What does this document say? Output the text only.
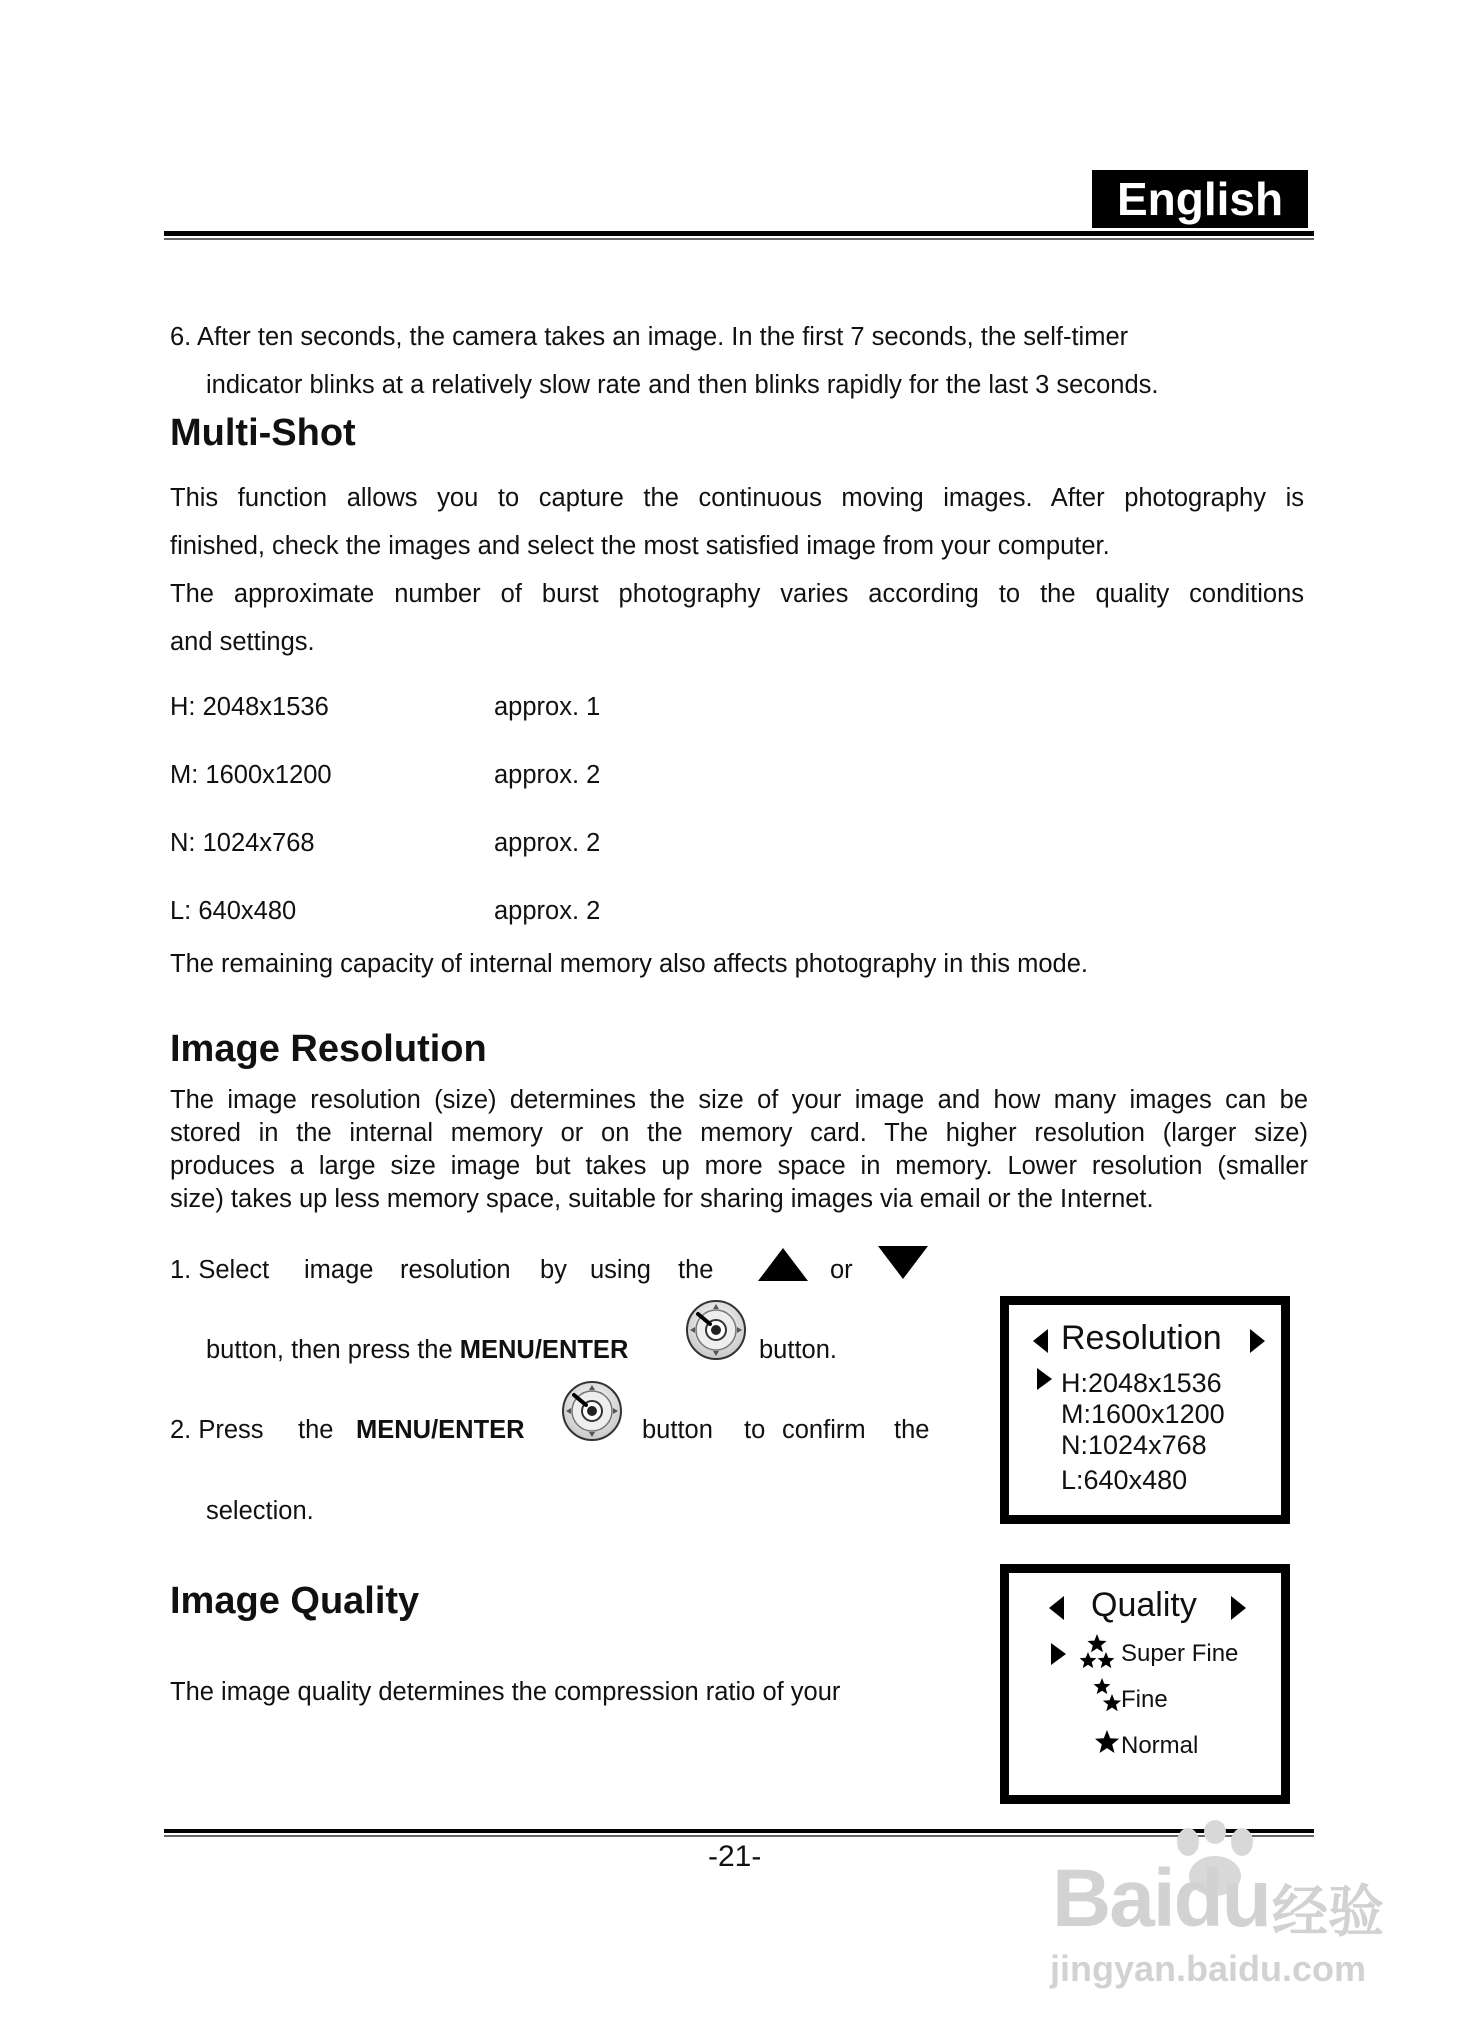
English
6. After ten seconds, the camera takes an image. In the first 7 seconds, the self-timer
indicator blinks at a relatively slow rate and then blinks rapidly for the last 3 seconds.
Multi-Shot
This function allows you to capture the continuous moving images. After photography is
finished, check the images and select the most satisfied image from your computer.
The approximate number of burst photography varies according to the quality conditions
and settings.
H: 2048x1536	approx. 1
M: 1600x1200	approx. 2
N: 1024x768	approx. 2
L: 640x480	approx. 2
The remaining capacity of internal memory also affects photography in this mode.
Image Resolution
The image resolution (size) determines the size of your image and how many images can be
stored in the internal memory or on the memory card. The higher resolution (larger size)
produces a large size image but takes up more space in memory. Lower resolution (smaller
size) takes up less memory space, suitable for sharing images via email or the Internet.
1. Select image resolution by using the	or
button, then press the MENU/ENTER	button.
2. Press the MENU/ENTER	button to confirm the
selection.
Resolution
H:2048x1536
M:1600x1200
N:1024x768
L:640x480
Image Quality
The image quality determines the compression ratio of your
Quality
Super Fine
Fine
Normal
-21-	Baidu 经验
jingyan.baidu.com
